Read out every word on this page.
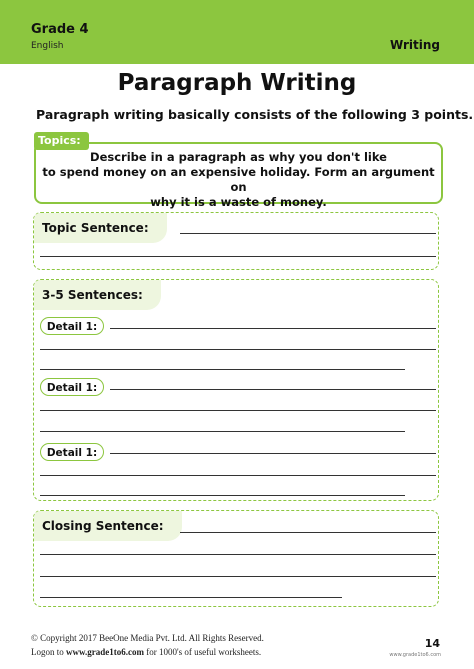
Grade 4
English	Writing
Paragraph Writing
Paragraph writing basically consists of the following 3 points.
Topics:
Describe in a paragraph as why you don't like
to spend money on an expensive holiday. Form an argument on
why it is a waste of money.
Topic Sentence:
3-5 Sentences:
Detail 1:
Detail 1:
Detail 1:
Closing Sentence:
© Copyright 2017 BeeOne Media Pvt. Ltd. All Rights Reserved.
Logon to www.grade1to6.com for 1000's of useful worksheets.
14
www.grade1to6.com
